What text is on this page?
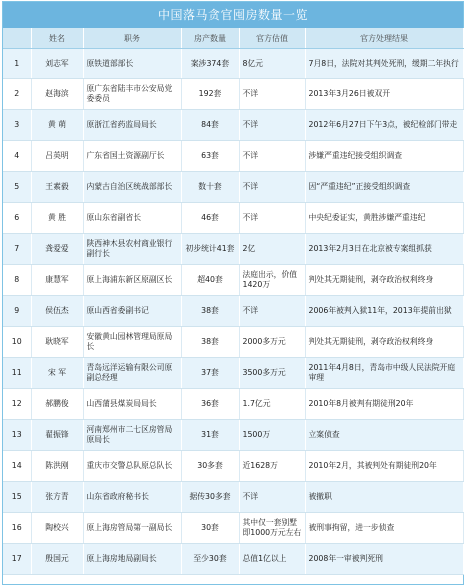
中国落马贪官囤房数量一览
	姓名	职务	房产数量	官方估值	官方处理结果
1	刘志军	原铁道部部长	案涉374套	8亿元	7月8日，法院对其判处死刑，缓期二年执行
2	赵海滨	原广东省陆丰市公安局党委委员	192套	不详	2013年3月26日被双开
3	黄 萌	原浙江省药监局局长	84套	不详	2012年6月27日下午3点，被纪检部门带走
4	吕英明	广东省国土资源副厅长	63套	不详	涉嫌严重违纪接受组织调查
5	王素毅	内蒙古自治区统战部部长	数十套	不详	因“严重违纪”正接受组织调查
6	黄 胜	原山东省副省长	46套	不详	中央纪委证实，黄胜涉嫌严重违纪
7	龚爱爱	陕西神木县农村商业银行副行长	初步统计41套	2亿	2013年2月3日在北京被专案组抓获
8	康慧军	原上海浦东新区原副区长	超40套	法庭出示，价值1420万	判处其无期徒刑，剥夺政治权利终身
9	侯伍杰	原山西省委副书记	38套	不详	2006年被判入狱11年，2013年提前出狱
10	耿晓军	安徽黄山园林管理局原局长	38套	2000多万元	判处其无期徒刑，剥夺政治权利终身
11	宋 军	青岛远洋运输有限公司原副总经理	37套	3500多万元	2011年4月8日，青岛市中级人民法院开庭审理
12	郝鹏俊	山西蒲县煤炭局局长	36套	1.7亿元	2010年8月被判有期徒刑20年
13	翟振锋	河南郑州市二七区房管局原局长	31套	1500万	立案侦查
14	陈洪刚	重庆市交警总队原总队长	30多套	近1628万	2010年2月，其被判处有期徒刑20年
15	张方青	山东省政府秘书长	据传30多套	不详	被撤职
16	陶校兴	原上海房管局第一副局长	30套	其中仅一套别墅即1000万元左右	被刑事拘留，进一步侦查
17	殷国元	原上海房地局副局长	至少30套	总值1亿以上	2008年一审被判死刑
